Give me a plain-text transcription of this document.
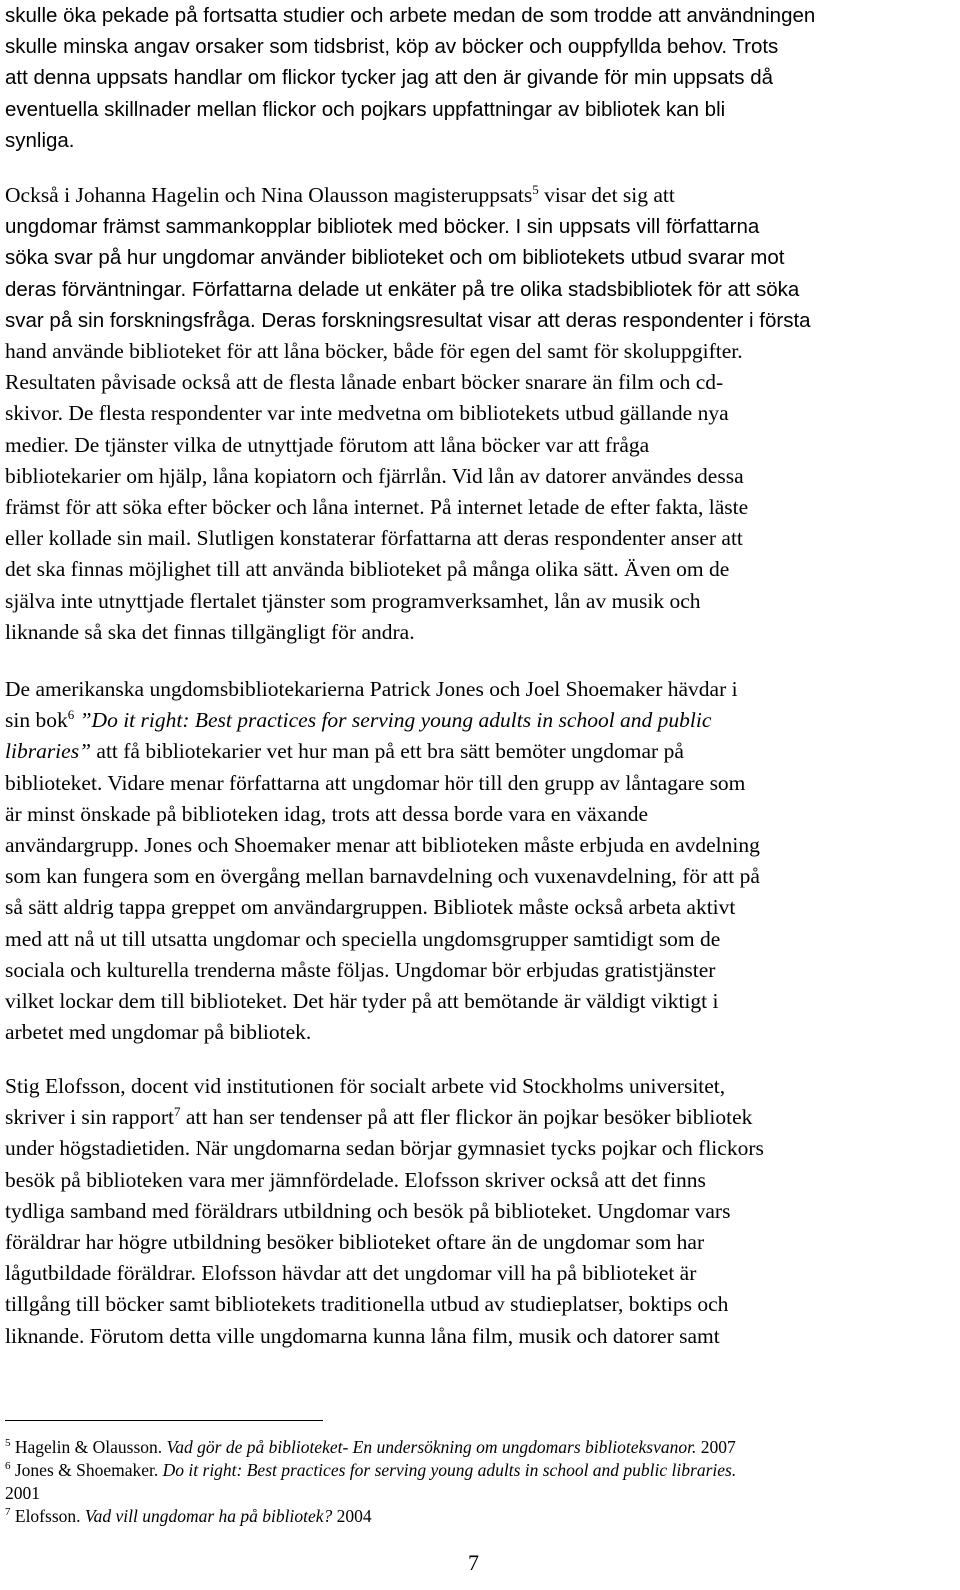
skulle öka pekade på fortsatta studier och arbete medan de som trodde att användningen
skulle minska angav orsaker som tidsbrist, köp av böcker och ouppfyllda behov. Trots
att denna uppsats handlar om flickor tycker jag att den är givande för min uppsats då
eventuella skillnader mellan flickor och pojkars uppfattningar av bibliotek kan bli
synliga.
Också i Johanna Hagelin och Nina Olausson magisteruppsats$^5$ visar det sig att
ungdomar främst sammankopplar bibliotek med böcker. I sin uppsats vill författarna
söka svar på hur ungdomar använder biblioteket och om bibliotekets utbud svarar mot
deras förväntningar. Författarna delade ut enkäter på tre olika stadsbibliotek för att söka
svar på sin forskningsfråga. Deras forskningsresultat visar att deras respondenter i första
hand använde biblioteket för att låna böcker, både för egen del samt för skoluppgifter.
Resultaten påvisade också att de flesta lånade enbart böcker snarare än film och cd-
skivor. De flesta respondenter var inte medvetna om bibliotekets utbud gällande nya
medier. De tjänster vilka de utnyttjade förutom att låna böcker var att fråga
bibliotekarier om hjälp, låna kopiatorn och fjärrlån. Vid lån av datorer användes dessa
främst för att söka efter böcker och låna internet. På internet letade de efter fakta, läste
eller kollade sin mail. Slutligen konstaterar författarna att deras respondenter anser att
det ska finnas möjlighet till att använda biblioteket på många olika sätt. Även om de
själva inte utnyttjade flertalet tjänster som programverksamhet, lån av musik och
liknande så ska det finnas tillgängligt för andra.
De amerikanska ungdomsbibliotekarierna Patrick Jones och Joel Shoemaker hävdar i
sin bok$^6$ ”Do it right: Best practices for serving young adults in school and public
libraries” att få bibliotekarier vet hur man på ett bra sätt bemöter ungdomar på
biblioteket. Vidare menar författarna att ungdomar hör till den grupp av låntagare som
är minst önskade på biblioteken idag, trots att dessa borde vara en växande
användargrupp. Jones och Shoemaker menar att biblioteken måste erbjuda en avdelning
som kan fungera som en övergång mellan barnavdelning och vuxenavdelning, för att på
så sätt aldrig tappa greppet om användargruppen. Bibliotek måste också arbeta aktivt
med att nå ut till utsatta ungdomar och speciella ungdomsgrupper samtidigt som de
sociala och kulturella trenderna måste följas. Ungdomar bör erbjudas gratistjänster
vilket lockar dem till biblioteket. Det här tyder på att bemötande är väldigt viktigt i
arbetet med ungdomar på bibliotek.
Stig Elofsson, docent vid institutionen för socialt arbete vid Stockholms universitet,
skriver i sin rapport$^7$ att han ser tendenser på att fler flickor än pojkar besöker bibliotek
under högstadietiden. När ungdomarna sedan börjar gymnasiet tycks pojkar och flickors
besök på biblioteken vara mer jämnfördelade. Elofsson skriver också att det finns
tydliga samband med föräldrars utbildning och besök på biblioteket. Ungdomar vars
föräldrar har högre utbildning besöker biblioteket oftare än de ungdomar som har
lågutbildade föräldrar. Elofsson hävdar att det ungdomar vill ha på biblioteket är
tillgång till böcker samt bibliotekets traditionella utbud av studieplatser, boktips och
liknande. Förutom detta ville ungdomarna kunna låna film, musik och datorer samt
$^5$ Hagelin & Olausson. Vad gör de på biblioteket- En undersökning om ungdomars biblioteksvanor. 2007
$^6$ Jones & Shoemaker. Do it right: Best practices for serving young adults in school and public libraries.
2001
$^7$ Elofsson. Vad vill ungdomar ha på bibliotek? 2004
7
